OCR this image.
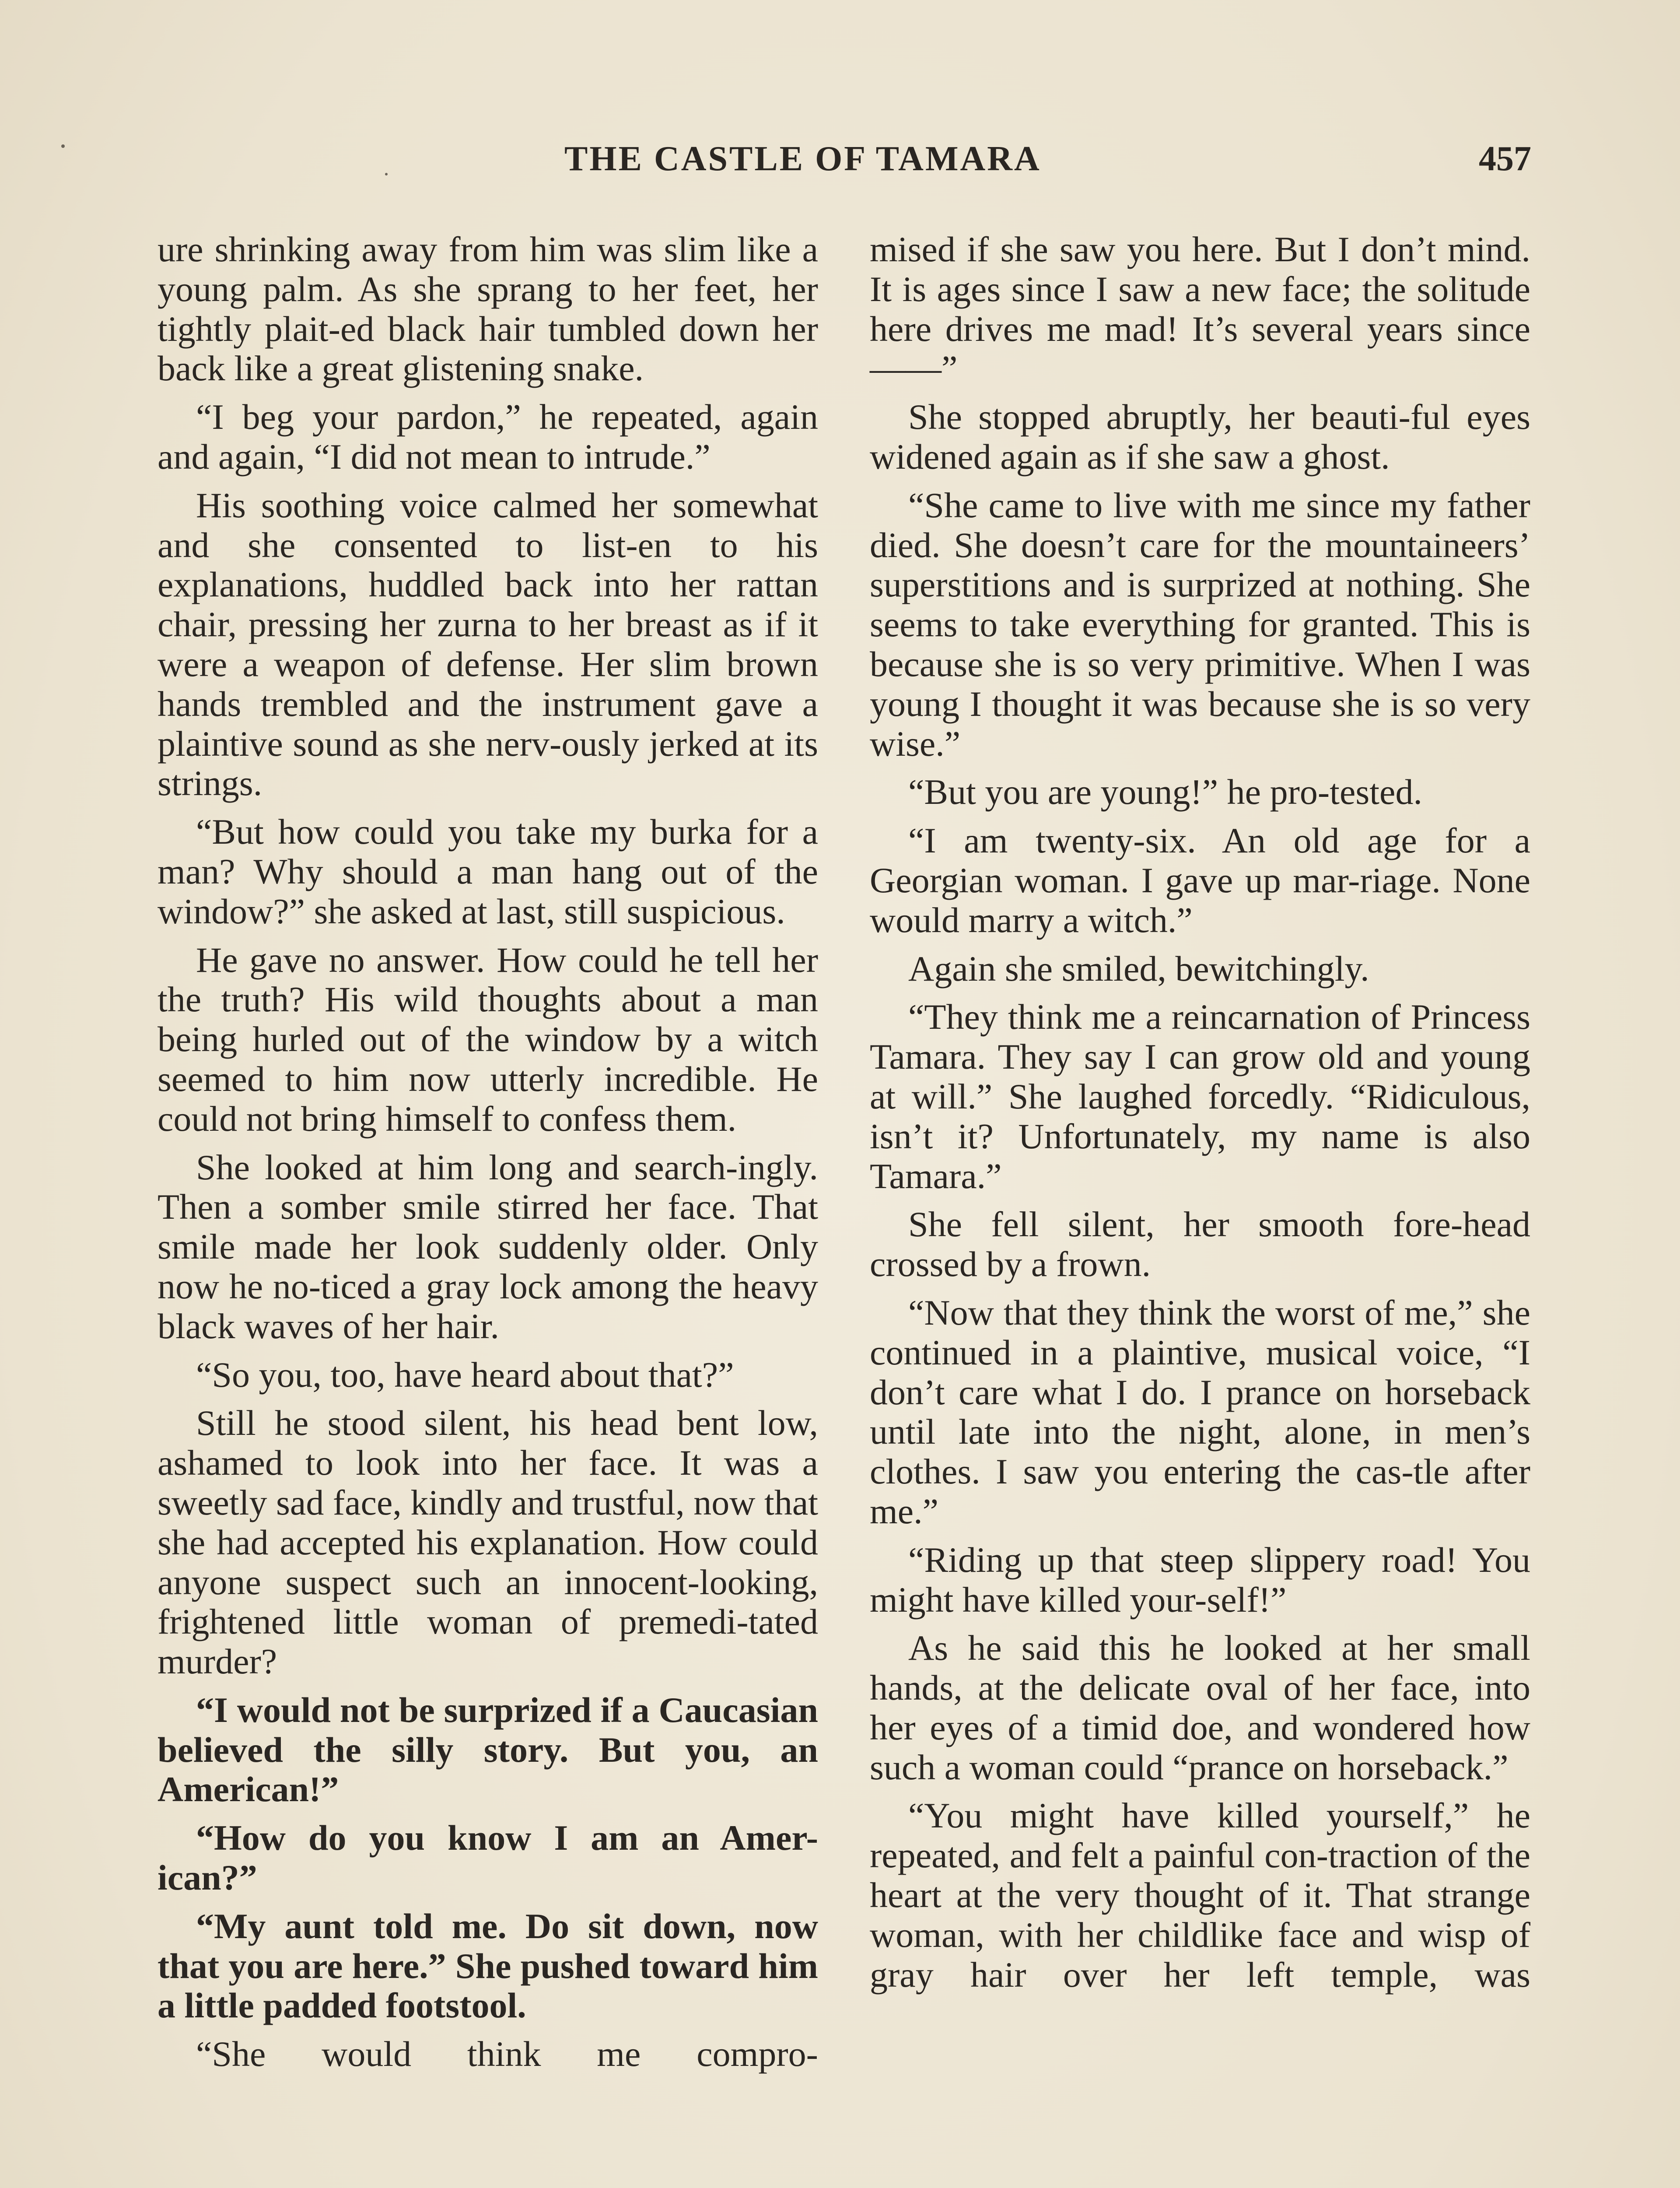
THE CASTLE OF TAMARA	457

ure shrinking away from him was slim like a young palm. As she sprang to her feet, her tightly plait-ed black hair tumbled down her back like a great glistening snake.

“I beg your pardon,” he repeated, again and again, “I did not mean to intrude.”

His soothing voice calmed her somewhat and she consented to list-en to his explanations, huddled back into her rattan chair, pressing her zurna to her breast as if it were a weapon of defense. Her slim brown hands trembled and the instrument gave a plaintive sound as she nerv-ously jerked at its strings.

“But how could you take my burka for a man? Why should a man hang out of the window?” she asked at last, still suspicious.

He gave no answer. How could he tell her the truth? His wild thoughts about a man being hurled out of the window by a witch seemed to him now utterly incredible. He could not bring himself to confess them.

She looked at him long and search-ingly. Then a somber smile stirred her face. That smile made her look suddenly older. Only now he no-ticed a gray lock among the heavy black waves of her hair.

“So you, too, have heard about that?”

Still he stood silent, his head bent low, ashamed to look into her face. It was a sweetly sad face, kindly and trustful, now that she had accepted his explanation. How could anyone suspect such an innocent-looking, frightened little woman of premedi-tated murder?

“I would not be surprized if a Caucasian believed the silly story. But you, an American!”

“How do you know I am an Amer-ican?”

“My aunt told me. Do sit down, now that you are here.” She pushed toward him a little padded footstool.

“She would think me compro-

mised if she saw you here. But I don’t mind. It is ages since I saw a new face; the solitude here drives me mad! It’s several years since——”

She stopped abruptly, her beauti-ful eyes widened again as if she saw a ghost.

“She came to live with me since my father died. She doesn’t care for the mountaineers’ superstitions and is surprized at nothing. She seems to take everything for granted. This is because she is so very primitive. When I was young I thought it was because she is so very wise.”

“But you are young!” he pro-tested.

“I am twenty-six. An old age for a Georgian woman. I gave up mar-riage. None would marry a witch.”

Again she smiled, bewitchingly.

“They think me a reincarnation of Princess Tamara. They say I can grow old and young at will.” She laughed forcedly. “Ridiculous, isn’t it? Unfortunately, my name is also Tamara.”

She fell silent, her smooth fore-head crossed by a frown.

“Now that they think the worst of me,” she continued in a plaintive, musical voice, “I don’t care what I do. I prance on horseback until late into the night, alone, in men’s clothes. I saw you entering the cas-tle after me.”

“Riding up that steep slippery road! You might have killed your-self!”

As he said this he looked at her small hands, at the delicate oval of her face, into her eyes of a timid doe, and wondered how such a woman could “prance on horseback.”

“You might have killed yourself,” he repeated, and felt a painful con-traction of the heart at the very thought of it. That strange woman, with her childlike face and wisp of gray hair over her left temple, was
